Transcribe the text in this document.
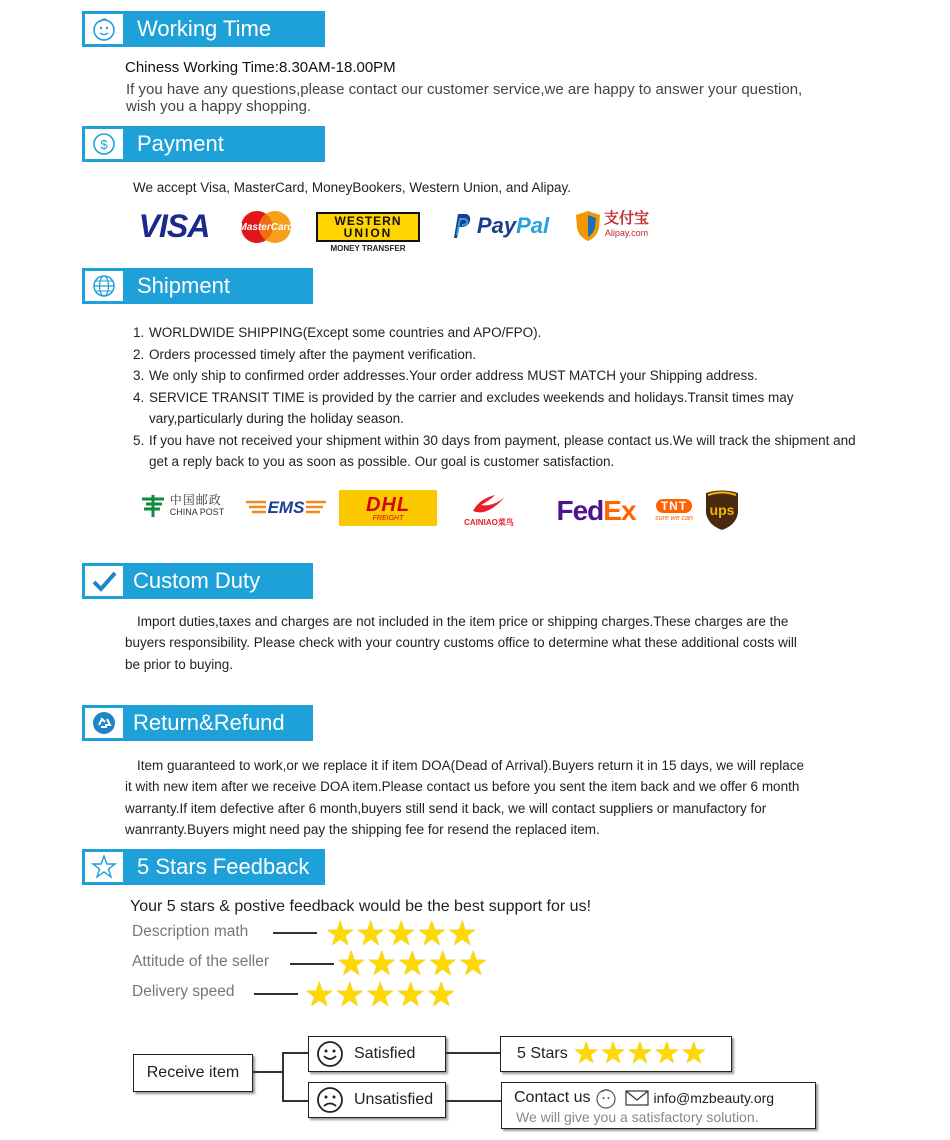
Working Time
Chiness Working Time:8.30AM-18.00PM
If you have any questions,please contact our customer service,we are happy to answer your question,
wish you a happy shopping.
$ Payment
We accept Visa, MasterCard, MoneyBookers, Western Union, and Alipay.
VISA	MasterCard	WESTERN
UNION
MONEY TRANSFER
Pay Pal	支付宝
Alipay.com
Shipment
1. WORLDWIDE SHIPPING(Except some countries and APO/FPO).
2. Orders processed timely after the payment verification.
3. We only ship to confirmed order addresses.Your order address MUST MATCH your Shipping address.
4. SERVICE TRANSIT TIME is provided by the carrier and excludes weekends and holidays.Transit times may vary,particularly during the holiday season.
5. If you have not received your shipment within 30 days from payment, please contact us.We will track the shipment and get a reply back to you as soon as possible. Our goal is customer satisfaction.
中国邮政
CHINA POST	EMS	DHL
FREIGHT	CAINIAO菜鸟 Fed Ex	TNT
sure we can ups
Custom Duty
Import duties,taxes and charges are not included in the item price or shipping charges.These charges are the
buyers responsibility. Please check with your country customs office to determine what these additional costs will
be prior to buying.
Return&Refund
Item guaranteed to work,or we replace it if item DOA(Dead of Arrival).Buyers return it in 15 days, we will replace
it with new item after we receive DOA item.Please contact us before you sent the item back and we offer 6 month
warranty.If item defective after 6 month,buyers still send it back, we will contact suppliers or manufactory for
wanrranty.Buyers might need pay the shipping fee for resend the replaced item.
5 Stars Feedback
Your 5 stars & postive feedback would be the best support for us!
Description math ★ ★ ★ ★ ★
Attitude of the seller ★ ★ ★ ★ ★
Delivery speed ★ ★ ★ ★ ★
Receive item
Satisfied
Unsatisfied
5 Stars ★ ★ ★ ★ ★
Contact us	info@mzbeauty.org
We will give you a satisfactory solution.
